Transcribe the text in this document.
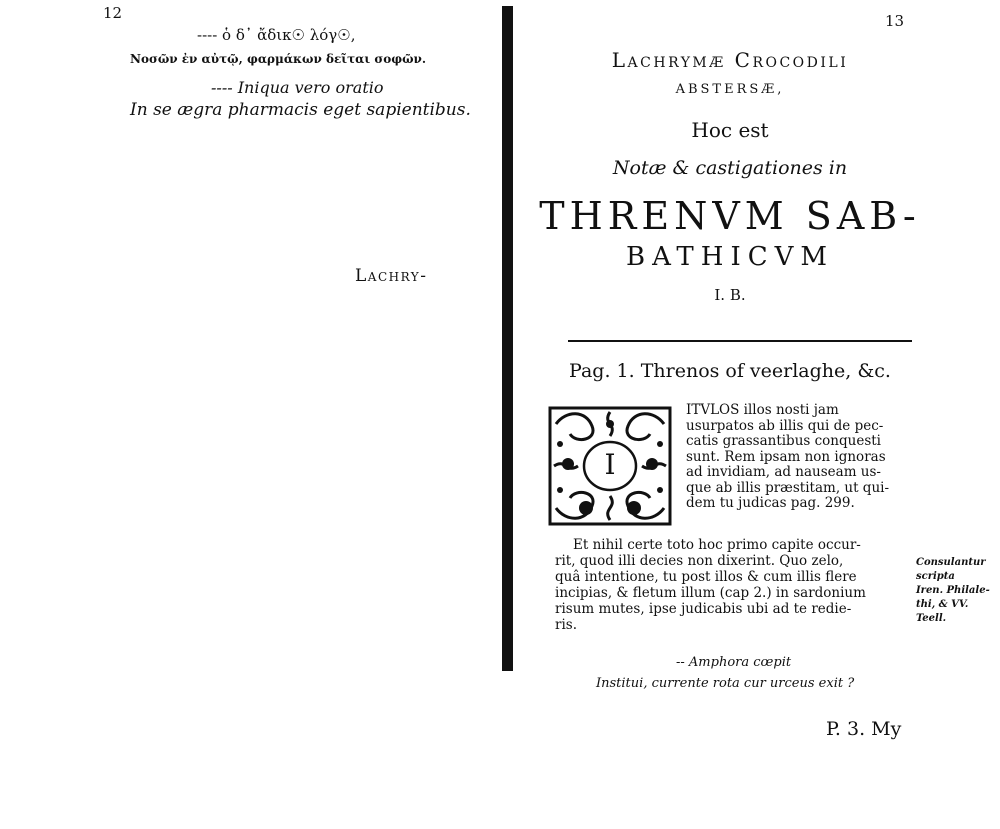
12
---- ὁ δ᾽ ἄδικ☉ λόγ☉,
Νοσῶν ἐν αὐτῷ, φαρμάκων δεῖται σοφῶν.
---- Iniqua vero oratio
In se ægra pharmacis eget sapientibus.
Lachry-
13
Lachrymæ Crocodili
ABSTERSÆ,
Hoc est
Notæ & castigationes in
THRENVM SAB-
BATHICVM
I. B.
Pag. 1. Threnos of veerlaghe, &c.
I
ITVLOS illos nosti jam
usurpatos ab illis qui de pec-
catis grassantibus conquesti
sunt. Rem ipsam non ignoras
ad invidiam, ad nauseam us-
que ab illis præstitam, ut qui-
dem tu judicas pag. 299.
Et nihil certe toto hoc primo capite occur-
rit, quod illi decies non dixerint. Quo zelo,
quâ intentione, tu post illos & cum illis flere
incipias, & fletum illum (cap 2.) in sardonium
risum mutes, ipse judicabis ubi ad te redie-
ris.
Consulantur
scripta
Iren. Philale-
thi, & VV.
Teell.
-- Amphora cœpit
Institui, currente rota cur urceus exit ?
P. 3. My
